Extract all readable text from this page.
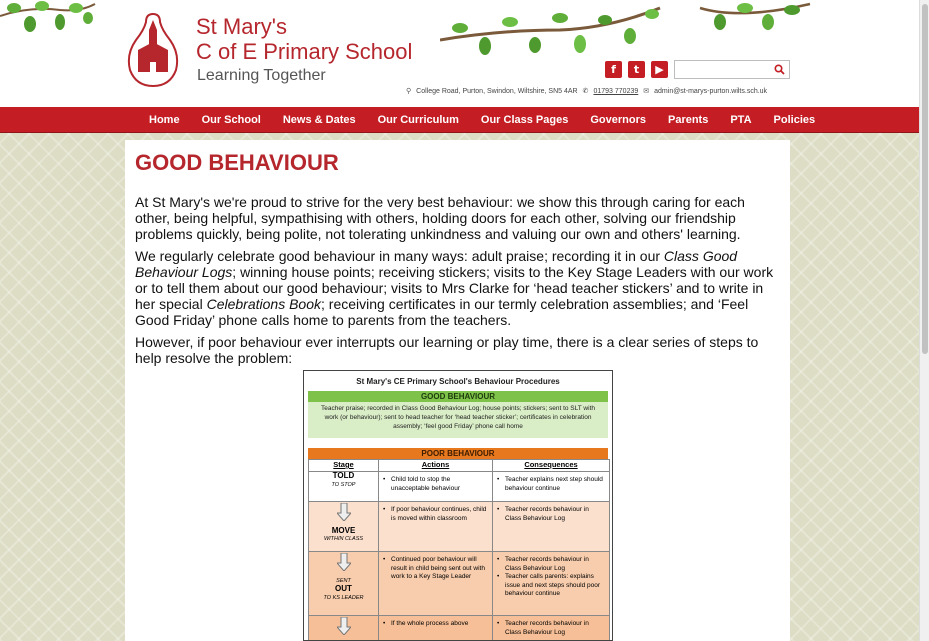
St Mary's
C of E Primary School
Learning Together	f	t	▶
⚲ College Road, Purton, Swindon, Wiltshire, SN5 4AR ✆ 01793 770239 ✉ admin@st-marys-purton.wilts.sch.uk
Home	Our School	News & Dates	Our Curriculum	Our Class Pages	Governors	Parents	PTA	Policies
GOOD BEHAVIOUR

At St Mary's we're proud to strive for the very best behaviour: we show this through caring for each other, being helpful, sympathising with others, holding doors for each other, solving our friendship problems quickly, being polite, not tolerating unkindness and valuing our own and others' learning.

We regularly celebrate good behaviour in many ways: adult praise; recording it in our Class Good Behaviour Logs; winning house points; receiving stickers; visits to the Key Stage Leaders with our work or to tell them about our good behaviour; visits to Mrs Clarke for ‘head teacher stickers’ and to write in her special Celebrations Book; receiving certificates in our termly celebration assemblies; and ‘Feel Good Friday’ phone calls home to parents from the teachers.

However, if poor behaviour ever interrupts our learning or play time, there is a clear series of steps to help resolve the problem:

St Mary's CE Primary School's Behaviour Procedures
GOOD BEHAVIOUR
Teacher praise; recorded in Class Good Behaviour Log; house points; stickers; sent to SLT with work (or behaviour); sent to head teacher for ‘head teacher sticker’; certificates in celebration assembly; ‘feel good Friday’ phone call home
POOR BEHAVIOUR
Stage	Actions	Consequences

TOLD
TO STOP	• Child told to stop the unacceptable behaviour	• Teacher explains next step should behaviour continue

MOVE
WITHIN CLASS	• If poor behaviour continues, child is moved within classroom	• Teacher records behaviour in Class Behaviour Log

SENT
OUT
TO KS LEADER	• Continued poor behaviour will result in child being sent out with work to a Key Stage Leader	• Teacher records behaviour in Class Behaviour Log
• Teacher calls parents: explains issue and next steps should poor behaviour continue

• If the whole process above	• Teacher records behaviour in Class Behaviour Log
